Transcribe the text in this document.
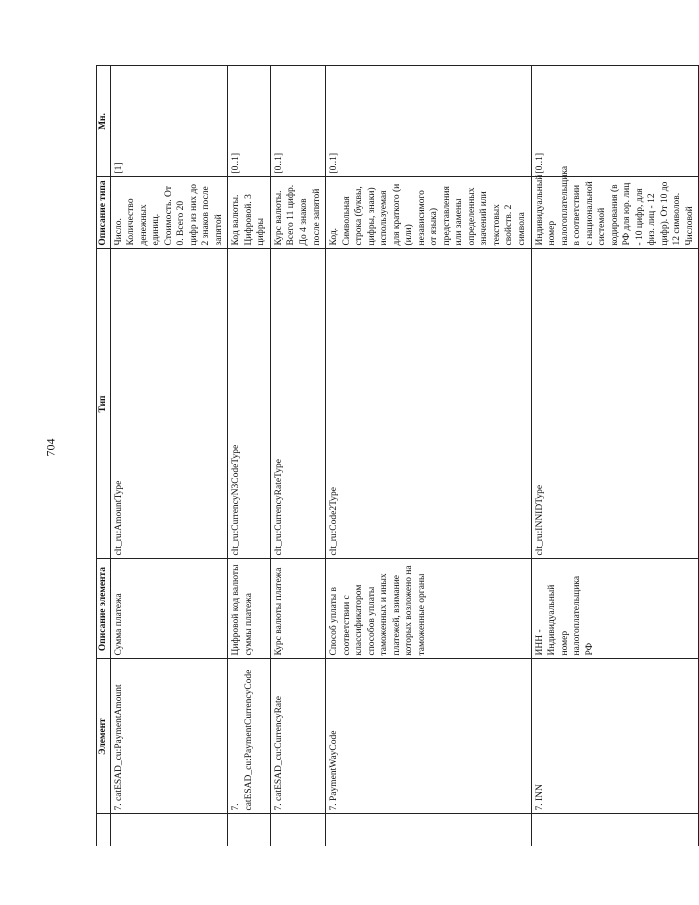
704
	Элемент	Описание элемента	Тип	Описание типа	Мн.
	7. catESAD_cu:PaymentAmount	Сумма платежа	clt_ru:AmountType	Число. Количество денежных единиц. Стоимость. От 0. Всего 20 цифр из них до 2 знаков после запятой	[1]
	7. catESAD_cu:PaymentCurrencyCode	Цифровой код валюты суммы платежа	clt_ru:CurrencyN3CodeType	Код валюты. Цифровой. 3 цифры	[0..1]
	7. catESAD_cu:CurrencyRate	Курс валюты платежа	clt_ru:CurrencyRateType	Курс валюты. Всего 11 цифр. До 4 знаков после запятой	[0..1]
	7. PaymentWayCode	Способ уплаты в соответствии с классификатором способов уплаты таможенных и иных платежей, взимание которых возложено на таможенные органы	clt_ru:Code2Type	Код. Символьная строка (буквы, цифры, знаки) используемая для краткого (и (или) независимого от языка) представления или замены определенных значений или текстовых свойств. 2 символа	[0..1]
	7. INN	ИНН - Индивидуальный номер налогоплательщика РФ	clt_ru:INNIDType	Индивидуальный номер налогоплательщика в соответствии с национальной системой кодирования (в РФ для юр. лиц - 10 цифр, для физ. лиц - 12 цифр). От 10 до 12 символов. Числовой	[0..1]
